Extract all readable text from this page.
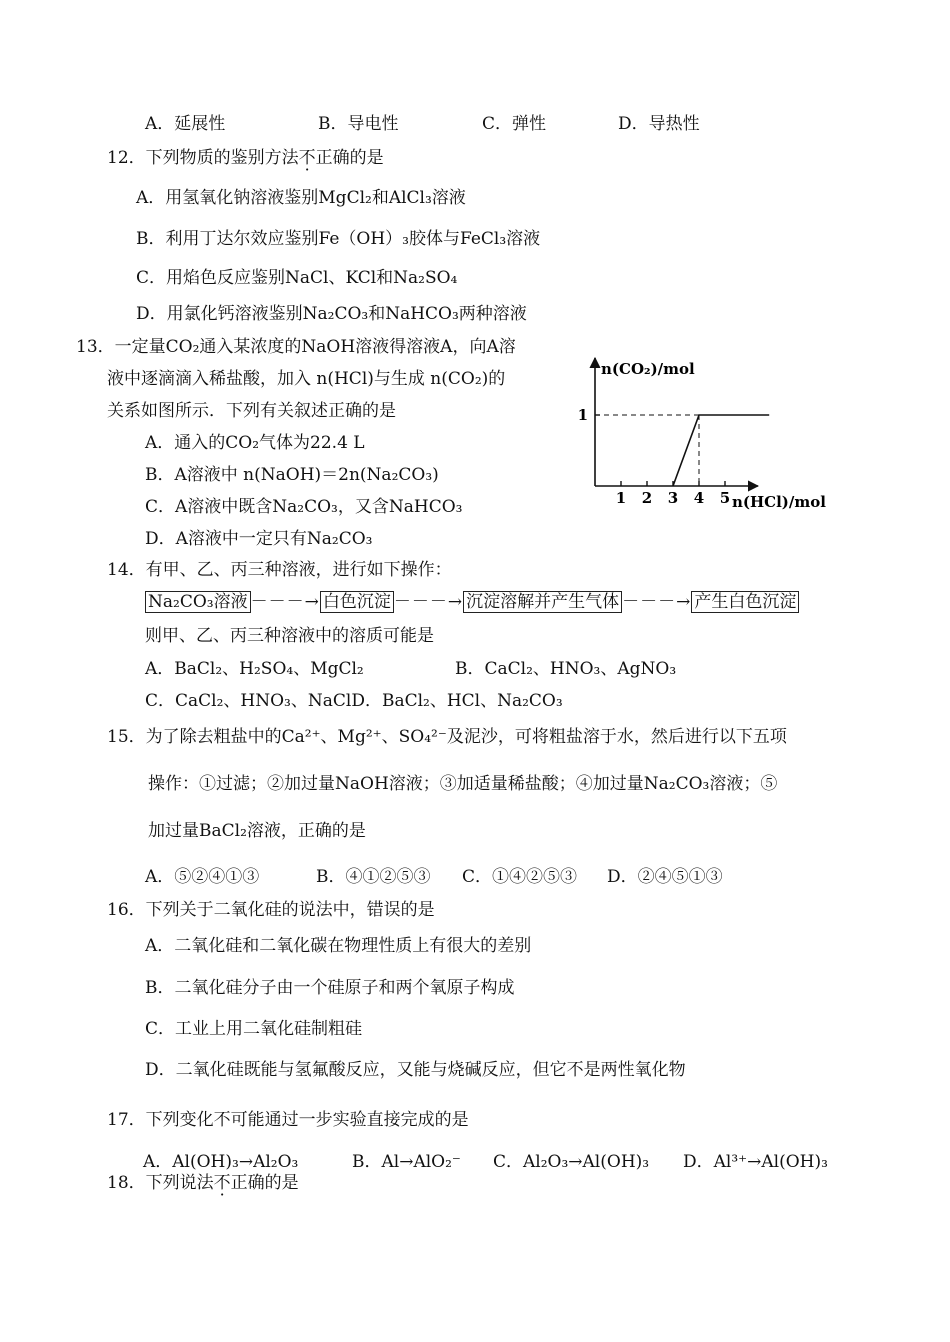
A．延展性	B．导电性	C．弹性	D．导热性
12．下列物质的鉴别方法不正确的是
A．用氢氧化钠溶液鉴别MgCl₂和AlCl₃溶液
B．利用丁达尔效应鉴别Fe（OH）₃胶体与FeCl₃溶液
C．用焰色反应鉴别NaCl、KCl和Na₂SO₄
D．用氯化钙溶液鉴别Na₂CO₃和NaHCO₃两种溶液
13．一定量CO₂通入某浓度的NaOH溶液得溶液A，向A溶
液中逐滴滴入稀盐酸，加入 n(HCl)与生成 n(CO₂)的
关系如图所示．下列有关叙述正确的是
A．通入的CO₂气体为22.4 L
B．A溶液中 n(NaOH)＝2n(Na₂CO₃)
C．A溶液中既含Na₂CO₃，又含NaHCO₃
D．A溶液中一定只有Na₂CO₃
n(CO₂)/mol
n(HCl)/mol
1 2 3 4 5
1
14．有甲、乙、丙三种溶液，进行如下操作：
Na₂CO₃溶液 －－－→ 白色沉淀 －－－→ 沉淀溶解并产生气体 －－－→ 产生白色沉淀
则甲、乙、丙三种溶液中的溶质可能是
A．BaCl₂、H₂SO₄、MgCl₂	B．CaCl₂、HNO₃、AgNO₃
C．CaCl₂、HNO₃、NaClD．BaCl₂、HCl、Na₂CO₃
15．为了除去粗盐中的Ca²⁺、Mg²⁺、SO₄²⁻及泥沙，可将粗盐溶于水，然后进行以下五项
操作：①过滤；②加过量NaOH溶液；③加适量稀盐酸；④加过量Na₂CO₃溶液；⑤
加过量BaCl₂溶液，正确的是
A．⑤②④①③	B．④①②⑤③ C．①④②⑤③ D．②④⑤①③
16．下列关于二氧化硅的说法中，错误的是
A．二氧化硅和二氧化碳在物理性质上有很大的差别
B．二氧化硅分子由一个硅原子和两个氧原子构成
C．工业上用二氧化硅制粗硅
D．二氧化硅既能与氢氟酸反应，又能与烧碱反应，但它不是两性氧化物
17．下列变化不可能通过一步实验直接完成的是
A．Al(OH)₃→Al₂O₃	B．Al→AlO₂⁻ C．Al₂O₃→Al(OH)₃ D．Al³⁺→Al(OH)₃
18．下列说法不正确的是
